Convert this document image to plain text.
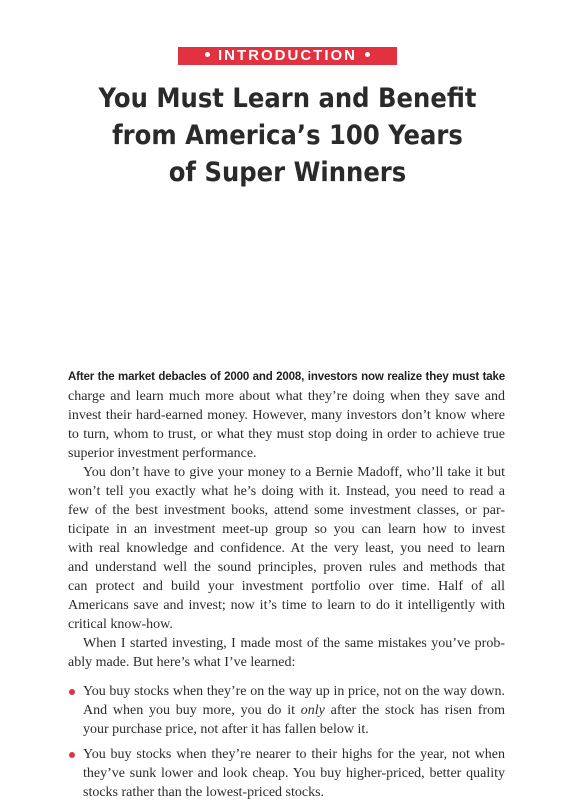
INTRODUCTION
You Must Learn and Benefit
from America’s 100 Years
of Super Winners
After the market debacles of 2000 and 2008, investors now realize they must take
charge and learn much more about what they’re doing when they save and
invest their hard-earned money. However, many investors don’t know where
to turn, whom to trust, or what they must stop doing in order to achieve true
superior investment performance.
You don’t have to give your money to a Bernie Madoff, who’ll take it but
won’t tell you exactly what he’s doing with it. Instead, you need to read a
few of the best investment books, attend some investment classes, or par-
ticipate in an investment meet-up group so you can learn how to invest
with real knowledge and confidence. At the very least, you need to learn
and understand well the sound principles, proven rules and methods that
can protect and build your investment portfolio over time. Half of all
Americans save and invest; now it’s time to learn to do it intelligently with
critical know-how.
When I started investing, I made most of the same mistakes you’ve prob-
ably made. But here’s what I’ve learned:
You buy stocks when they’re on the way up in price, not on the way down.
And when you buy more, you do it only after the stock has risen from
your purchase price, not after it has fallen below it.
You buy stocks when they’re nearer to their highs for the year, not when
they’ve sunk lower and look cheap. You buy higher-priced, better quality
stocks rather than the lowest-priced stocks.
